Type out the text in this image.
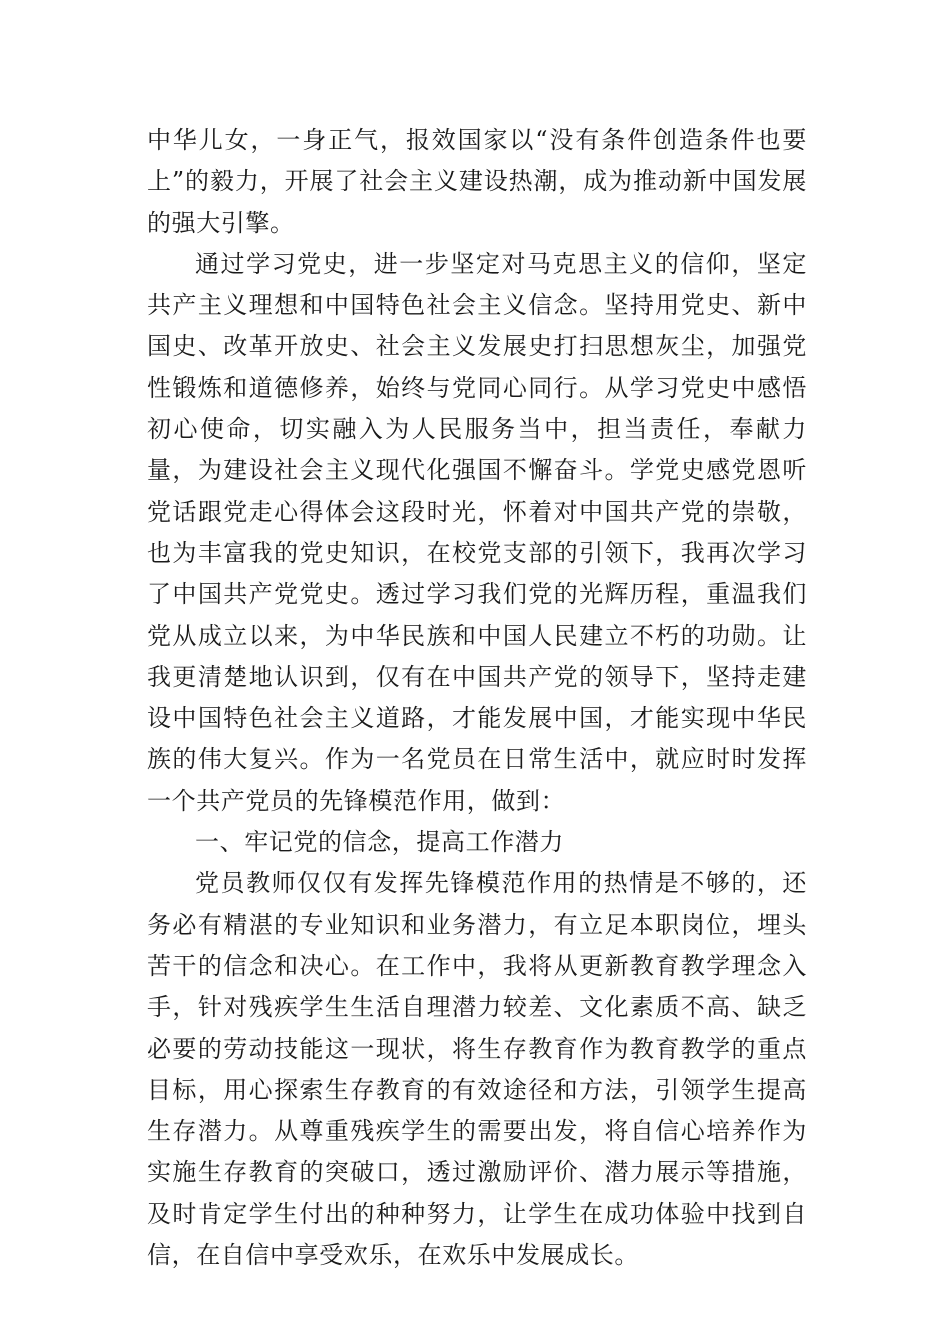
中华儿女，一身正气，报效国家以“没有条件创造条件也要上”的毅力，开展了社会主义建设热潮，成为推动新中国发展的强大引擎。

通过学习党史，进一步坚定对马克思主义的信仰，坚定共产主义理想和中国特色社会主义信念。坚持用党史、新中国史、改革开放史、社会主义发展史打扫思想灰尘，加强党性锻炼和道德修养，始终与党同心同行。从学习党史中感悟初心使命，切实融入为人民服务当中，担当责任，奉献力量，为建设社会主义现代化强国不懈奋斗。学党史感党恩听党话跟党走心得体会这段时光，怀着对中国共产党的崇敬，也为丰富我的党史知识，在校党支部的引领下，我再次学习了中国共产党党史。透过学习我们党的光辉历程，重温我们党从成立以来，为中华民族和中国人民建立不朽的功勋。让我更清楚地认识到，仅有在中国共产党的领导下，坚持走建设中国特色社会主义道路，才能发展中国，才能实现中华民族的伟大复兴。作为一名党员在日常生活中，就应时时发挥一个共产党员的先锋模范作用，做到：

一、牢记党的信念，提高工作潜力

党员教师仅仅有发挥先锋模范作用的热情是不够的，还务必有精湛的专业知识和业务潜力，有立足本职岗位，埋头苦干的信念和决心。在工作中，我将从更新教育教学理念入手，针对残疾学生生活自理潜力较差、文化素质不高、缺乏必要的劳动技能这一现状，将生存教育作为教育教学的重点目标，用心探索生存教育的有效途径和方法，引领学生提高生存潜力。从尊重残疾学生的需要出发，将自信心培养作为实施生存教育的突破口，透过激励评价、潜力展示等措施，及时肯定学生付出的种种努力，让学生在成功体验中找到自信，在自信中享受欢乐，在欢乐中发展成长。
